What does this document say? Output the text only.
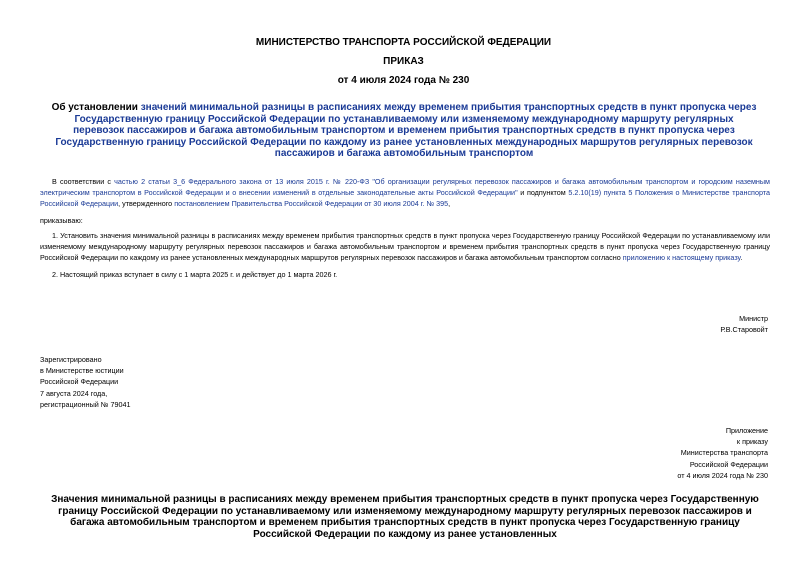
МИНИСТЕРСТВО ТРАНСПОРТА РОССИЙСКОЙ ФЕДЕРАЦИИ
ПРИКАЗ
от 4 июля 2024 года № 230
Об установлении значений минимальной разницы в расписаниях между временем прибытия транспортных средств в пункт пропуска через Государственную границу Российской Федерации по устанавливаемому или изменяемому международному маршруту регулярных перевозок пассажиров и багажа автомобильным транспортом и временем прибытия транспортных средств в пункт пропуска через Государственную границу Российской Федерации по каждому из ранее установленных международных маршрутов регулярных перевозок пассажиров и багажа автомобильным транспортом
В соответствии с частью 2 статьи 3_6 Федерального закона от 13 июля 2015 г. № 220-ФЗ "Об организации регулярных перевозок пассажиров и багажа автомобильным транспортом и городским наземным электрическим транспортом в Российской Федерации и о внесении изменений в отдельные законодательные акты Российской Федерации" и подпунктом 5.2.10(19) пункта 5 Положения о Министерстве транспорта Российской Федерации, утвержденного постановлением Правительства Российской Федерации от 30 июля 2004 г. № 395,
приказываю:
1. Установить значения минимальной разницы в расписаниях между временем прибытия транспортных средств в пункт пропуска через Государственную границу Российской Федерации по устанавливаемому или изменяемому международному маршруту регулярных перевозок пассажиров и багажа автомобильным транспортом и временем прибытия транспортных средств в пункт пропуска через Государственную границу Российской Федерации по каждому из ранее установленных международных маршрутов регулярных перевозок пассажиров и багажа автомобильным транспортом согласно приложению к настоящему приказу.
2. Настоящий приказ вступает в силу с 1 марта 2025 г. и действует до 1 марта 2026 г.
Министр
Р.В.Старовойт
Зарегистрировано
в Министерстве юстиции
Российской Федерации
7 августа 2024 года,
регистрационный № 79041
Приложение
к приказу
Министерства транспорта
Российской Федерации
от 4 июля 2024 года № 230
Значения минимальной разницы в расписаниях между временем прибытия транспортных средств в пункт пропуска через Государственную границу Российской Федерации по устанавливаемому или изменяемому международному маршруту регулярных перевозок пассажиров и багажа автомобильным транспортом и временем прибытия транспортных средств в пункт пропуска через Государственную границу Российской Федерации по каждому из ранее установленных
